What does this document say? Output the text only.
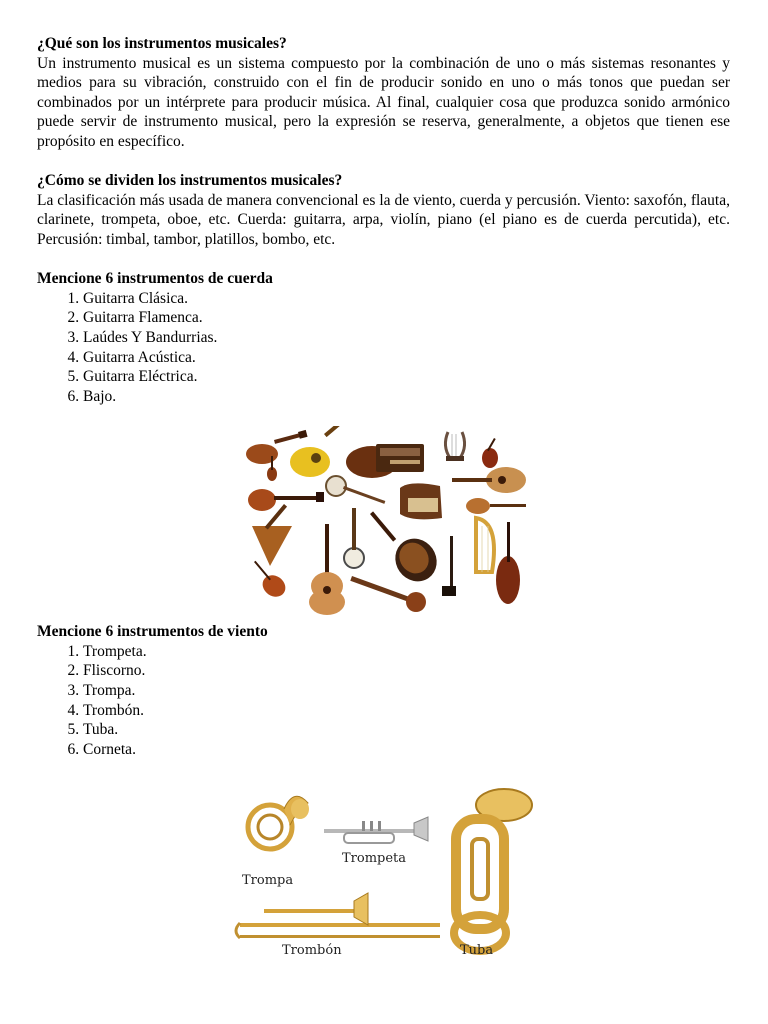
¿Qué son los instrumentos musicales?

Un instrumento musical es un sistema compuesto por la combinación de uno o más sistemas resonantes y medios para su vibración, construido con el fin de producir sonido en uno o más tonos que puedan ser combinados por un intérprete para producir música. Al final, cualquier cosa que produzca sonido armónico puede servir de instrumento musical, pero la expresión se reserva, generalmente, a objetos que tienen ese propósito en específico.

¿Cómo se dividen los instrumentos musicales?

La clasificación más usada de manera convencional es la de viento, cuerda y percusión. Viento: saxofón, flauta, clarinete, trompeta, oboe, etc. Cuerda: guitarra, arpa, violín, piano (el piano es de cuerda percutida), etc. Percusión: timbal, tambor, platillos, bombo, etc.

Mencione 6 instrumentos de cuerda

1. Guitarra Clásica.
2. Guitarra Flamenca.
3. Laúdes Y Bandurrias.
4. Guitarra Acústica.
5. Guitarra Eléctrica.
6. Bajo.

Mencione 6 instrumentos de viento

1. Trompeta.
2. Fliscorno.
3. Trompa.
4. Trombón.
5. Tuba.
6. Corneta.
Trompa
Trompeta
Trombón	Tuba
